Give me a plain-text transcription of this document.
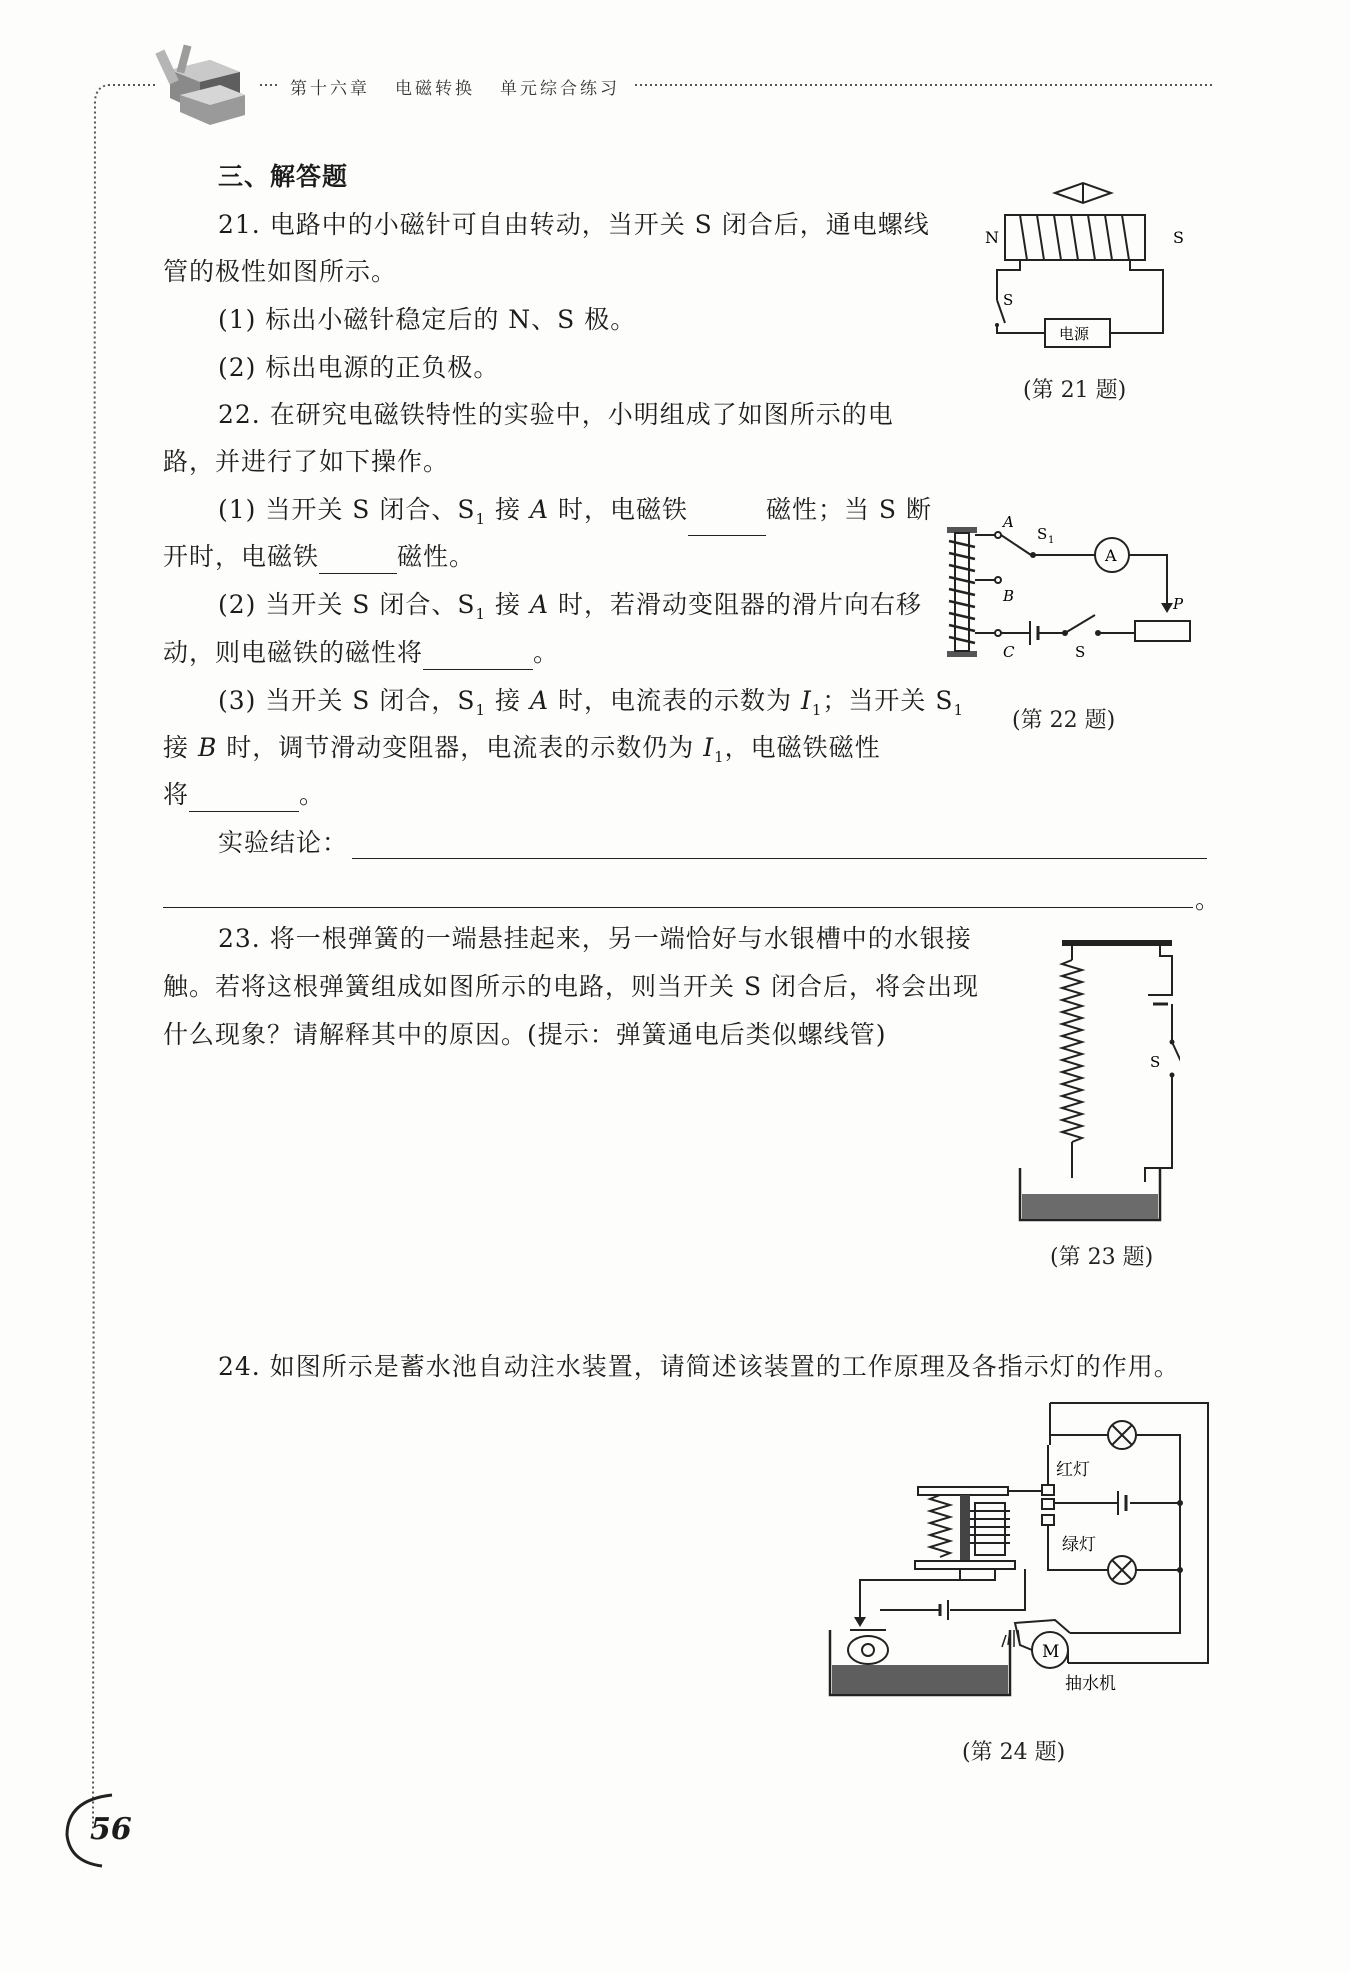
第十六章 电磁转换 单元综合练习
三、解答题
21. 电路中的小磁针可自由转动，当开关 S 闭合后，通电螺线
管的极性如图所示。
(1) 标出小磁针稳定后的 N、S 极。
(2) 标出电源的正负极。
N	S
S
电源
(第 21 题)
22. 在研究电磁铁特性的实验中，小明组成了如图所示的电
路，并进行了如下操作。
(1) 当开关 S 闭合、$S_1$ 接 A 时，电磁铁	磁性；当 S 断
开时，电磁铁	磁性。
(2) 当开关 S 闭合、$S_1$ 接 A 时，若滑动变阻器的滑片向右移
动，则电磁铁的磁性将	。
(3) 当开关 S 闭合，$S_1$ 接 A 时，电流表的示数为 $I_1$；当开关 $S_1$
接 B 时，调节滑动变阻器，电流表的示数仍为 $I_1$，电磁铁磁性
将	。
实验结论：
。
A
B
C
S 1
A
P
S
(第 22 题)
23. 将一根弹簧的一端悬挂起来，另一端恰好与水银槽中的水银接
触。若将这根弹簧组成如图所示的电路，则当开关 S 闭合后，将会出现
什么现象？请解释其中的原因。(提示：弹簧通电后类似螺线管)
S
(第 23 题)
24. 如图所示是蓄水池自动注水装置，请简述该装置的工作原理及各指示灯的作用。
红灯
绿灯
M
抽水机
(第 24 题)
56
